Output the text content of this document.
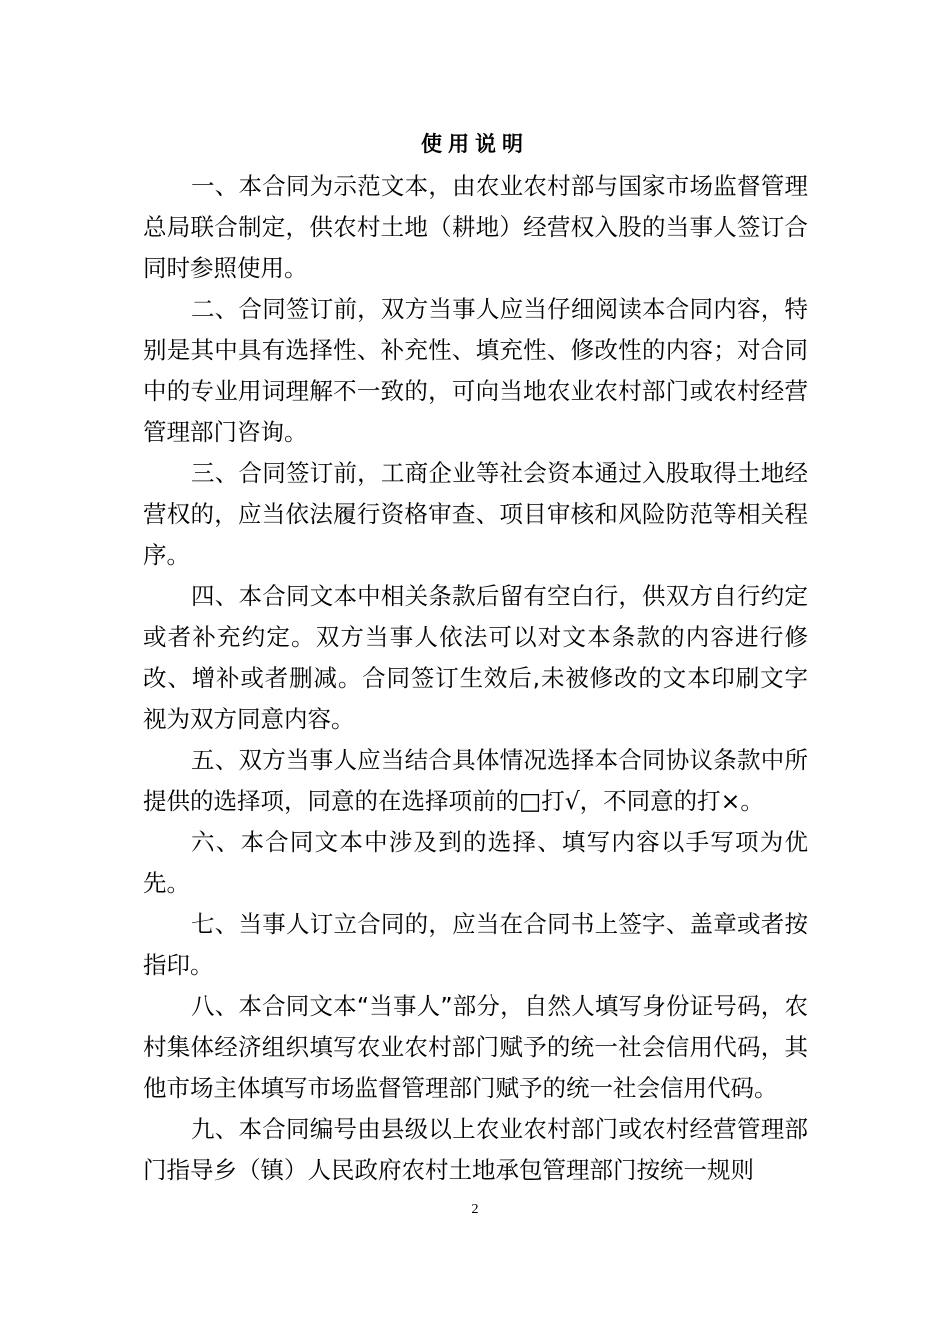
使用说明

一、本合同为示范文本，由农业农村部与国家市场监督管理总局联合制定，供农村土地（耕地）经营权入股的当事人签订合同时参照使用。

二、合同签订前，双方当事人应当仔细阅读本合同内容，特别是其中具有选择性、补充性、填充性、修改性的内容；对合同中的专业用词理解不一致的，可向当地农业农村部门或农村经营管理部门咨询。

三、合同签订前，工商企业等社会资本通过入股取得土地经营权的，应当依法履行资格审查、项目审核和风险防范等相关程序。

四、本合同文本中相关条款后留有空白行，供双方自行约定或者补充约定。双方当事人依法可以对文本条款的内容进行修改、增补或者删减。合同签订生效后,未被修改的文本印刷文字视为双方同意内容。

五、双方当事人应当结合具体情况选择本合同协议条款中所提供的选择项，同意的在选择项前的□打√，不同意的打×。

六、本合同文本中涉及到的选择、填写内容以手写项为优先。

七、当事人订立合同的，应当在合同书上签字、盖章或者按指印。

八、本合同文本“当事人”部分，自然人填写身份证号码，农村集体经济组织填写农业农村部门赋予的统一社会信用代码，其他市场主体填写市场监督管理部门赋予的统一社会信用代码。

九、本合同编号由县级以上农业农村部门或农村经营管理部门指导乡（镇）人民政府农村土地承包管理部门按统一规则

2
